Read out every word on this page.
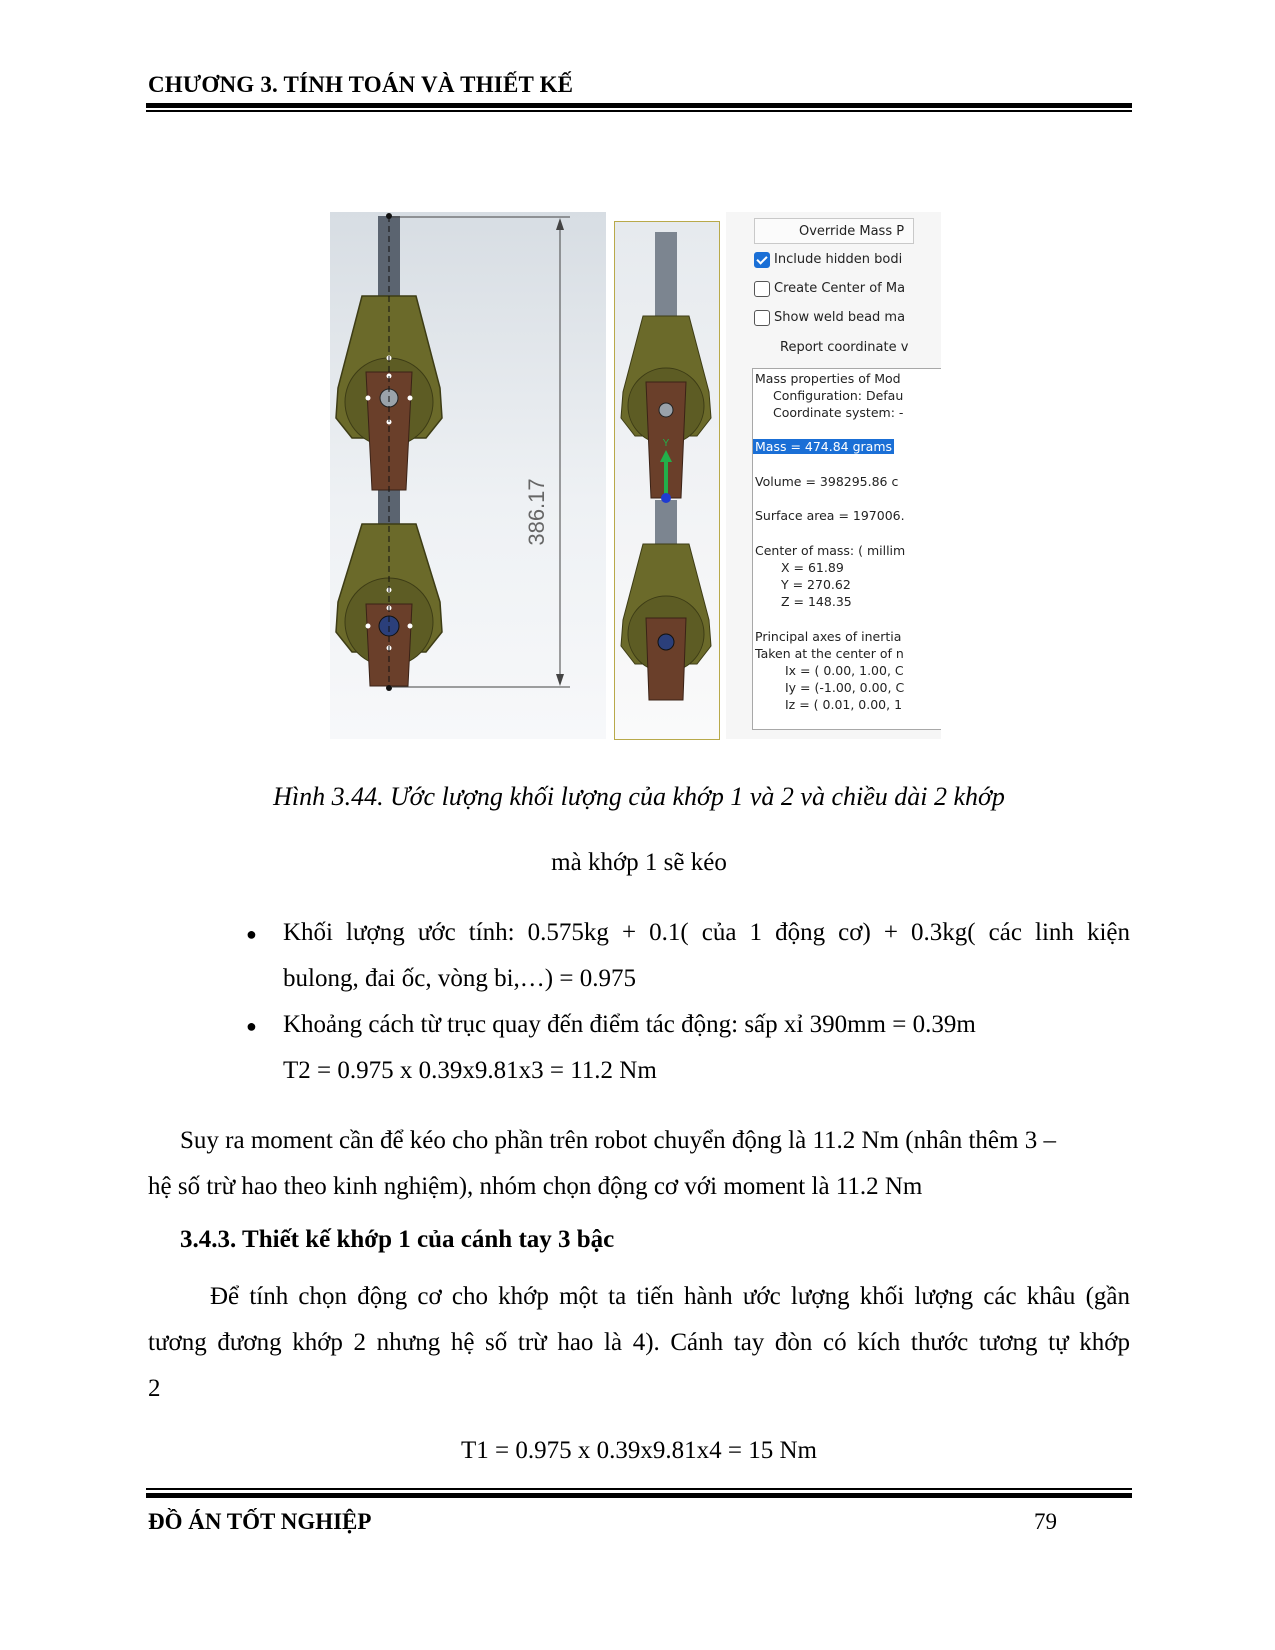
CHƯƠNG 3. TÍNH TOÁN VÀ THIẾT KẾ
386.17
Y
Override Mass P
Include hidden bodi
Create Center of Ma
Show weld bead ma
Report coordinate v
Mass properties of Mod
Configuration: Defau
Coordinate system: -
Mass = 474.84 grams
Volume = 398295.86 c
Surface area = 197006.
Center of mass: ( millim
X = 61.89
Y = 270.62
Z = 148.35
Principal axes of inertia
Taken at the center of n
Ix = ( 0.00, 1.00, C
Iy = (-1.00, 0.00, C
Iz = ( 0.01, 0.00, 1
Hình 3.44. Ước lượng khối lượng của khớp 1 và 2 và chiều dài 2 khớp
mà khớp 1 sẽ kéo
● Khối lượng ước tính: 0.575kg + 0.1( của 1 động cơ) + 0.3kg( các linh kiện
bulong, đai ốc, vòng bi,…) = 0.975
● Khoảng cách từ trục quay đến điểm tác động: sấp xỉ 390mm = 0.39m
T2 = 0.975 x 0.39x9.81x3 = 11.2 Nm
Suy ra moment cần để kéo cho phần trên robot chuyển động là 11.2 Nm (nhân thêm 3 –
hệ số trừ hao theo kinh nghiệm), nhóm chọn động cơ với moment là 11.2 Nm
3.4.3. Thiết kế khớp 1 của cánh tay 3 bậc
Để tính chọn động cơ cho khớp một ta tiến hành ước lượng khối lượng các khâu (gần
tương đương khớp 2 nhưng hệ số trừ hao là 4). Cánh tay đòn có kích thước tương tự khớp
2
T1 = 0.975 x 0.39x9.81x4 = 15 Nm
ĐỒ ÁN TỐT NGHIỆP	79
